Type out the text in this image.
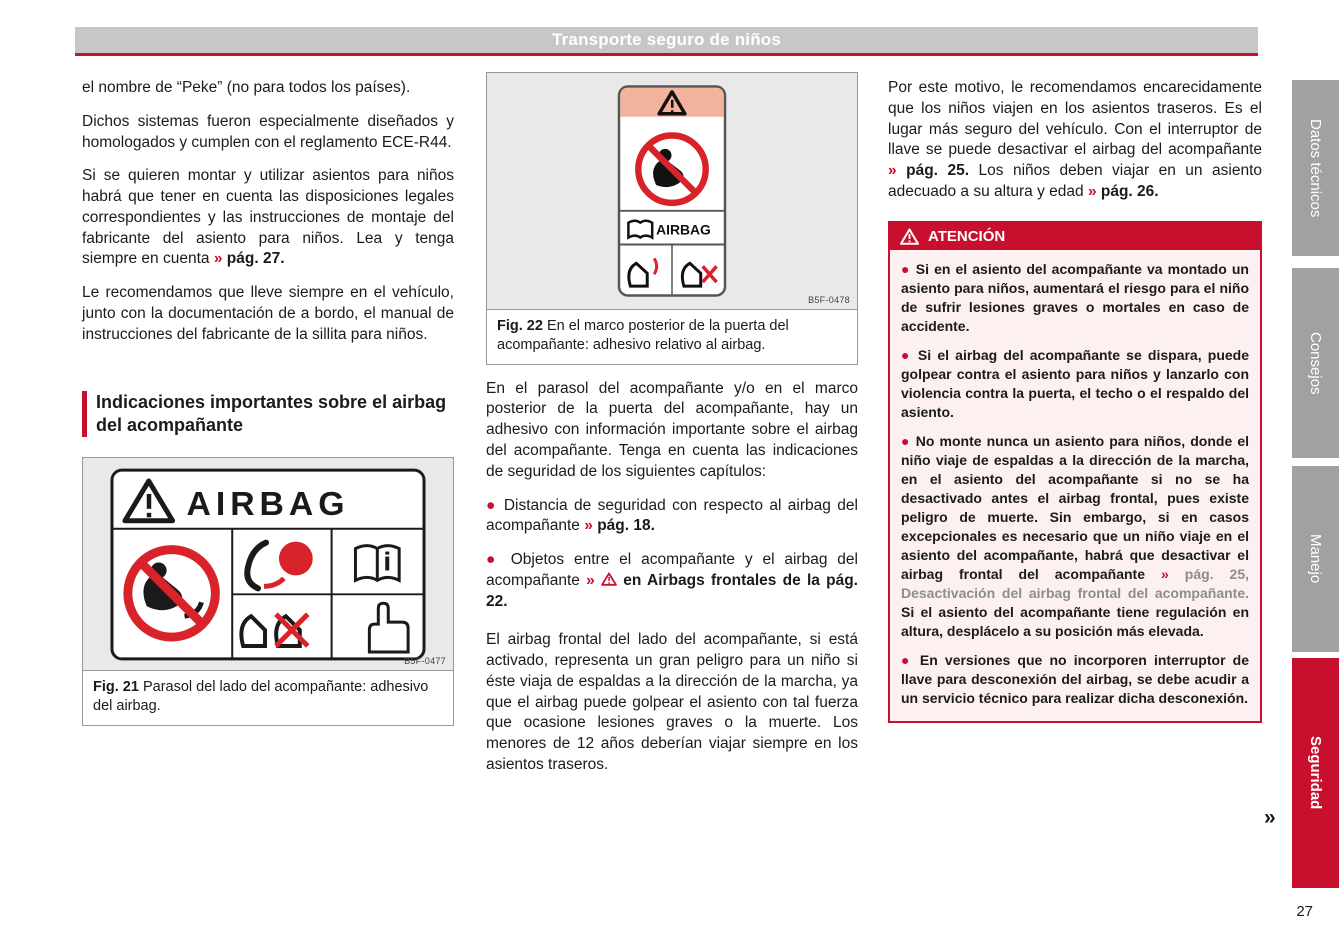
Transporte seguro de niños

el nombre de “Peke” (no para todos los países).

Dichos sistemas fueron especialmente diseñados y homologados y cumplen con el reglamento ECE-R44.

Si se quieren montar y utilizar asientos para niños habrá que tener en cuenta las disposiciones legales correspondientes y las instrucciones de montaje del fabricante del asiento para niños. Lea y tenga siempre en cuenta » pág. 27.

Le recomendamos que lleve siempre en el vehículo, junto con la documentación de a bordo, el manual de instrucciones del fabricante de la sillita para niños.

Indicaciones importantes sobre el airbag del acompañante
AIRBAG
B5F-0477
Fig. 21 Parasol del lado del acompañante: adhesivo del airbag.
AIRBAG
B5F-0478
Fig. 22 En el marco posterior de la puerta del acompañante: adhesivo relativo al airbag.

En el parasol del acompañante y/o en el marco posterior de la puerta del acompañante, hay un adhesivo con información importante sobre el airbag del acompañante. Tenga en cuenta las indicaciones de seguridad de los siguientes capítulos:

● Distancia de seguridad con respecto al airbag del acompañante » pág. 18.

● Objetos entre el acompañante y el airbag del acompañante » en Airbags frontales de la pág. 22.

El airbag frontal del lado del acompañante, si está activado, representa un gran peligro para un niño si éste viaja de espaldas a la dirección de la marcha, ya que el airbag puede golpear el asiento con tal fuerza que ocasione lesiones graves o la muerte. Los menores de 12 años deberían viajar siempre en los asientos traseros.

Por este motivo, le recomendamos encarecidamente que los niños viajen en los asientos traseros. Es el lugar más seguro del vehículo. Con el interruptor de llave se puede desactivar el airbag del acompañante » pág. 25. Los niños deben viajar en un asiento adecuado a su altura y edad » pág. 26.

ATENCIÓN

● Si en el asiento del acompañante va montado un asiento para niños, aumentará el riesgo para el niño de sufrir lesiones graves o mortales en caso de accidente.

● Si el airbag del acompañante se dispara, puede golpear contra el asiento para niños y lanzarlo con violencia contra la puerta, el techo o el respaldo del asiento.

● No monte nunca un asiento para niños, donde el niño viaje de espaldas a la dirección de la marcha, en el asiento del acompañante si no se ha desactivado antes el airbag frontal, pues existe peligro de muerte. Sin embargo, si en casos excepcionales es necesario que un niño viaje en el asiento del acompañante, habrá que desactivar el airbag frontal del acompañante » pág. 25, Desactivación del airbag frontal del acompañante. Si el asiento del acompañante tiene regulación en altura, desplácelo a su posición más elevada.

● En versiones que no incorporen interruptor de llave para desconexión del airbag, se debe acudir a un servicio técnico para realizar dicha desconexión.

Datos técnicos
Consejos
Manejo
Seguridad
»
27
